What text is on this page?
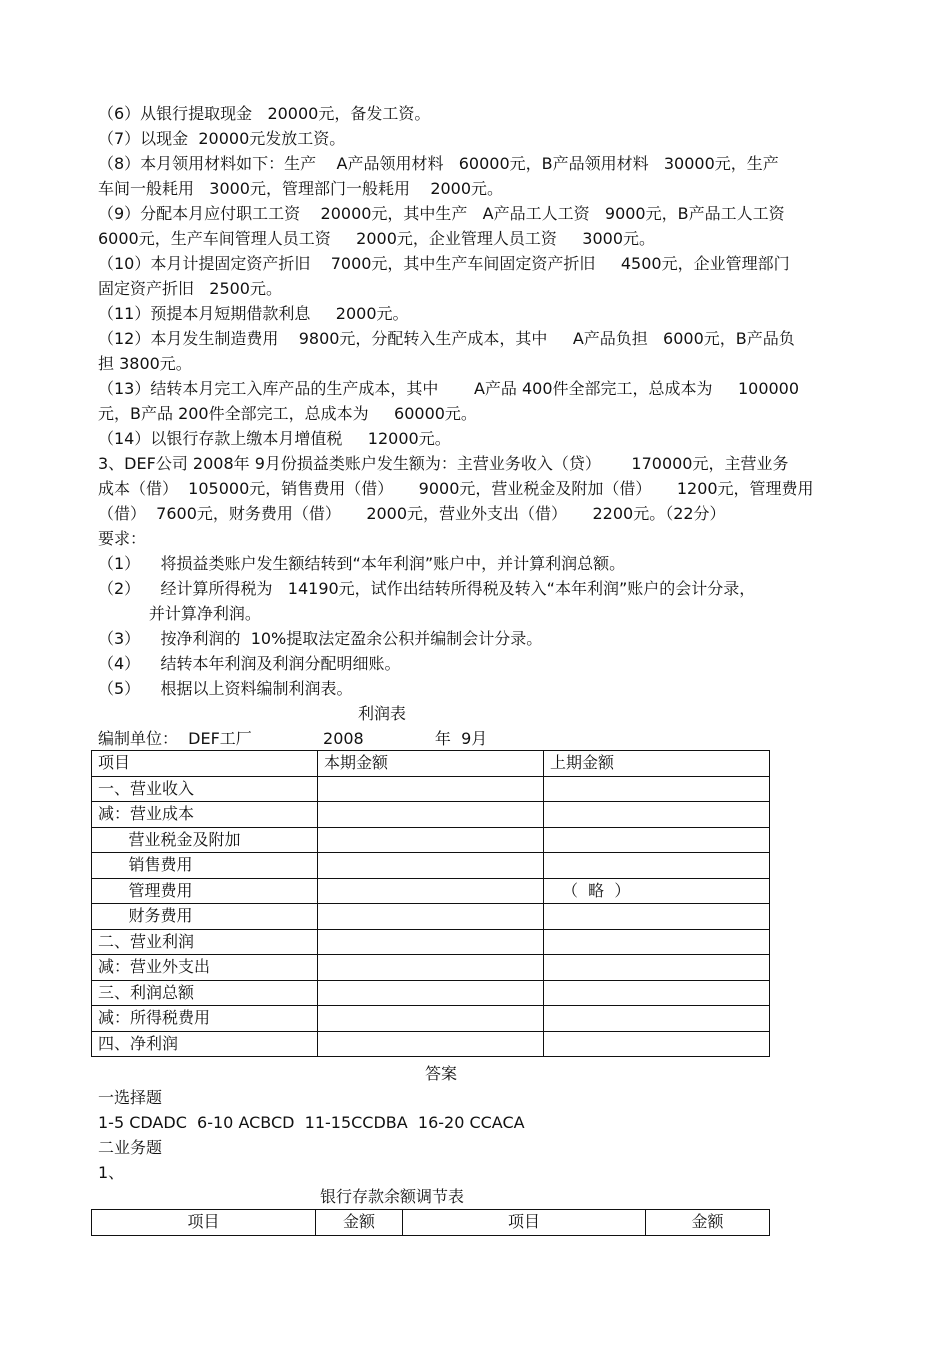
（6）从银行提取现金   20000元，备发工资。
（7）以现金  20000元发放工资。
（8）本月领用材料如下：生产    A产品领用材料   60000元，B产品领用材料   30000元，生产
车间一般耗用   3000元，管理部门一般耗用    2000元。
（9）分配本月应付职工工资    20000元，其中生产   A产品工人工资   9000元，B产品工人工资
6000元，生产车间管理人员工资     2000元，企业管理人员工资     3000元。
（10）本月计提固定资产折旧    7000元，其中生产车间固定资产折旧     4500元，企业管理部门
固定资产折旧   2500元。
（11）预提本月短期借款利息     2000元。
（12）本月发生制造费用    9800元，分配转入生产成本，其中     A产品负担   6000元，B产品负
担 3800元。
（13）结转本月完工入库产品的生产成本，其中       A产品 400件全部完工，总成本为     100000
元，B产品 200件全部完工，总成本为     60000元。
（14）以银行存款上缴本月增值税     12000元。
3、DEF公司 2008年 9月份损益类账户发生额为：主营业务收入（贷）      170000元，主营业务
成本（借）  105000元，销售费用（借）     9000元，营业税金及附加（借）     1200元，管理费用
（借）  7600元，财务费用（借）     2000元，营业外支出（借）     2200元。（22分）
要求：
（1）    将损益类账户发生额结转到“本年利润”账户中，并计算利润总额。
（2）    经计算所得税为   14190元，试作出结转所得税及转入“本年利润”账户的会计分录，
并计算净利润。
（3）    按净利润的  10%提取法定盈余公积并编制会计分录。
（4）    结转本年利润及利润分配明细账。
（5）    根据以上资料编制利润表。
利润表
编制单位：  DEF工厂              2008              年  9月
项目	本期金额	上期金额
一、营业收入		
减：营业成本		
营业税金及附加		
销售费用		
管理费用		（  略  ）
财务费用		
二、营业利润		
减：营业外支出		
三、利润总额		
减：所得税费用		
四、净利润		
答案
一选择题
1-5 CDADC  6-10 ACBCD  11-15CCDBA  16-20 CCACA
二业务题
1、
银行存款余额调节表
项目	金额	项目	金额
